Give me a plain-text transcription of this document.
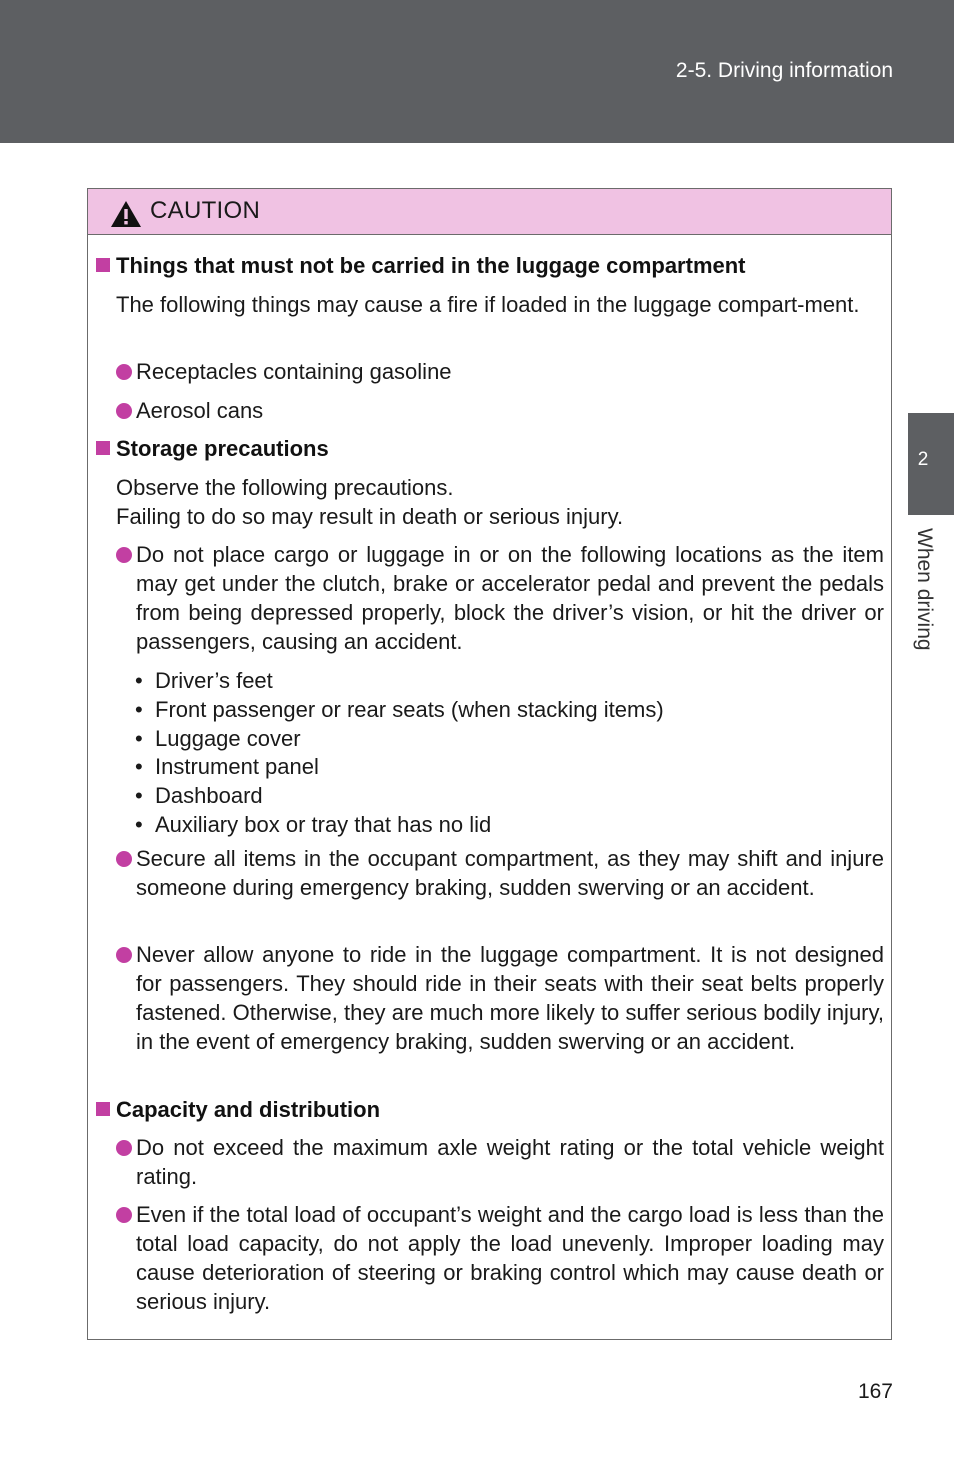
2-5. Driving information
2
When driving
CAUTION
Things that must not be carried in the luggage compartment
The following things may cause a fire if loaded in the luggage compart-ment.
Receptacles containing gasoline
Aerosol cans
Storage precautions
Observe the following precautions.
Failing to do so may result in death or serious injury.
Do not place cargo or luggage in or on the following locations as the item may get under the clutch, brake or accelerator pedal and prevent the pedals from being depressed properly, block the driver’s vision, or hit the driver or passengers, causing an accident.
• Driver’s feet
• Front passenger or rear seats (when stacking items)
• Luggage cover
• Instrument panel
• Dashboard
• Auxiliary box or tray that has no lid
Secure all items in the occupant compartment, as they may shift and injure someone during emergency braking, sudden swerving or an accident.
Never allow anyone to ride in the luggage compartment. It is not designed for passengers. They should ride in their seats with their seat belts properly fastened. Otherwise, they are much more likely to suffer serious bodily injury, in the event of emergency braking, sudden swerving or an accident.
Capacity and distribution
Do not exceed the maximum axle weight rating or the total vehicle weight rating.
Even if the total load of occupant’s weight and the cargo load is less than the total load capacity, do not apply the load unevenly. Improper loading may cause deterioration of steering or braking control which may cause death or serious injury.
167
